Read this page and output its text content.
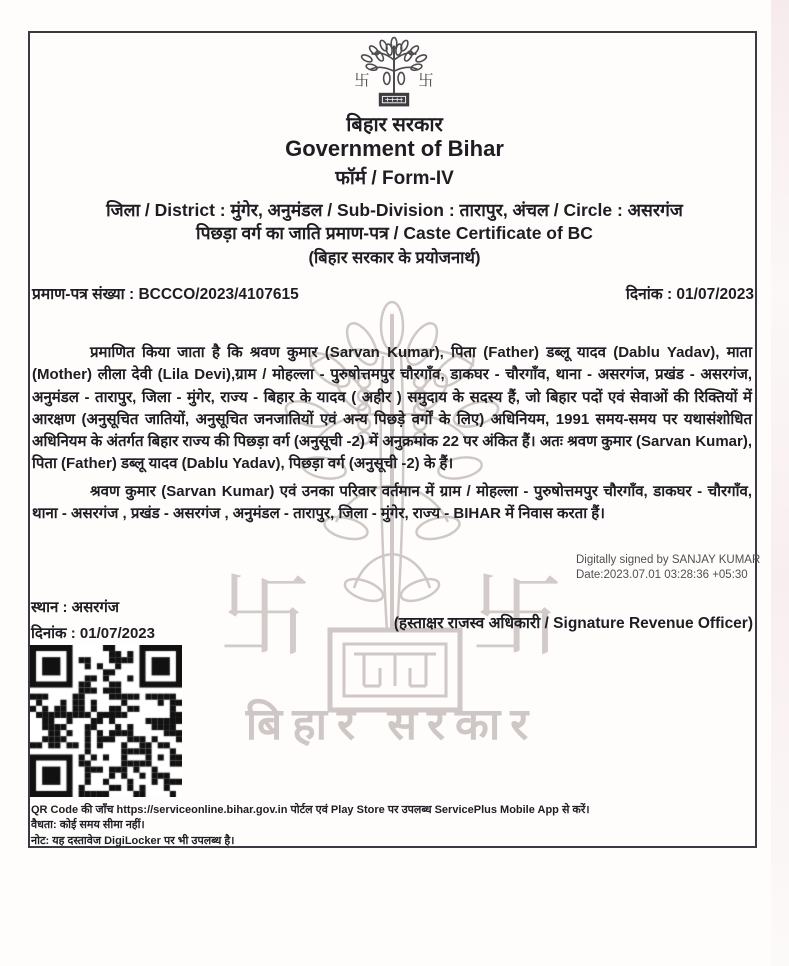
卐 卐
बिहार सरकार
卐	卐
बिहार सरकार
Government of Bihar
फॉर्म / Form-IV
जिला / District : मुंगेर, अनुमंडल / Sub-Division : तारापुर, अंचल / Circle : असरगंज
पिछड़ा वर्ग का जाति प्रमाण-पत्र / Caste Certificate of BC
(बिहार सरकार के प्रयोजनार्थ)
प्रमाण-पत्र संख्या : BCCCO/2023/4107615	दिनांक : 01/07/2023
प्रमाणित किया जाता है कि श्रवण कुमार (Sarvan Kumar), पिता (Father) डब्लू यादव (Dablu Yadav), माता (Mother) लीला देवी (Lila Devi),ग्राम / मोहल्ला - पुरुषोत्तमपुर चौरगाँव, डाकघर - चौरगाँव, थाना - असरगंज, प्रखंड - असरगंज, अनुमंडल - तारापुर, जिला - मुंगेर, राज्य - बिहार के यादव ( अहीर ) समुदाय के सदस्य हैं, जो बिहार पदों एवं सेवाओं की रिक्तियों में आरक्षण (अनुसूचित जातियों, अनुसूचित जनजातियों एवं अन्य पिछड़े वर्गों के लिए) अधिनियम, 1991 समय-समय पर यथासंशोधित अधिनियम के अंतर्गत बिहार राज्य की पिछड़ा वर्ग (अनुसूची -2) में अनुक्रमांक 22 पर अंकित हैं। अतः श्रवण कुमार (Sarvan Kumar), पिता (Father) डब्लू यादव (Dablu Yadav), पिछड़ा वर्ग (अनुसूची -2) के हैं।
श्रवण कुमार (Sarvan Kumar) एवं उनका परिवार वर्तमान में ग्राम / मोहल्ला - पुरुषोत्तमपुर चौरगाँव, डाकघर - चौरगाँव, थाना - असरगंज , प्रखंड - असरगंज , अनुमंडल - तारापुर, जिला - मुंगेर, राज्य - BIHAR में निवास करता हैं।
Digitally signed by SANJAY KUMAR
Date:2023.07.01 03:28:36 +05:30
स्थान : असरगंज
दिनांक : 01/07/2023
(हस्ताक्षर राजस्व अधिकारी / Signature Revenue Officer)
QR Code की जाँच https://serviceonline.bihar.gov.in पोर्टल एवं Play Store पर उपलब्ध ServicePlus Mobile App से करें।
वैधता: कोई समय सीमा नहीं।
नोट: यह दस्तावेज DigiLocker पर भी उपलब्ध है।
